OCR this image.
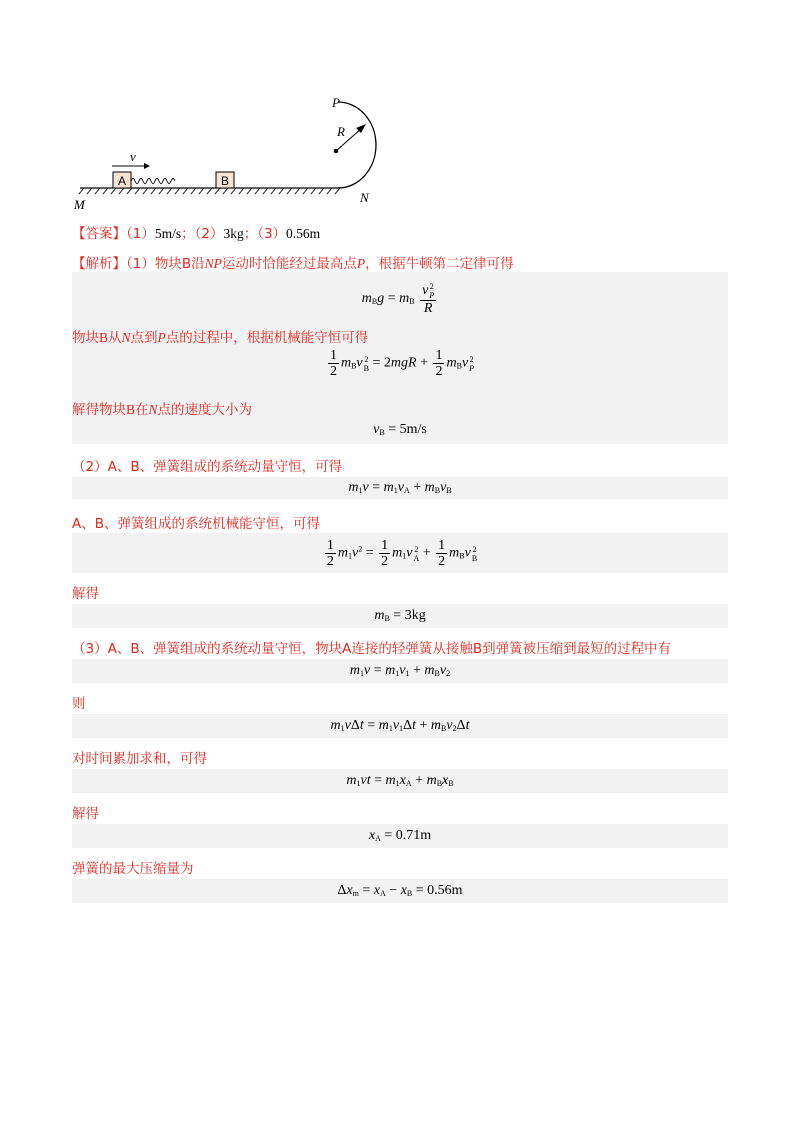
A
v
B
R
P
M	N
【答案】（1）5m/s；（2）3kg；（3）0.56m
【解析】（1）物块B沿NP运动时恰能经过最高点P，根据牛顿第二定律可得
$m_Bg = m_B$ v 2
P
R
物块B从N点到P点的过程中，根据机械能守恒可得
$\frac{1}{2} m_Bv$ 2
$B = 2mgR + \frac{1}{2} m_Bv$ 2
P
解得物块B在N点的速度大小为
$v_B = 5m/s$
（2）A、B、弹簧组成的系统动量守恒，可得
$m_1v = m_1v_A + m_Bv_B$
A、B、弹簧组成的系统机械能守恒，可得
$\frac{1}{2} m_1v^2 = \frac{1}{2} m_1v$ 2
$A + \frac{1}{2} m_Bv$ 2
B
解得
$m_B = 3kg$
（3）A、B、弹簧组成的系统动量守恒，物块A连接的轻弹簧从接触B到弹簧被压缩到最短的过程中有
$m_1v = m_1v_1 + m_Bv_2$
则
$m_1v\Delta t = m_1v_1\Delta t + m_Bv_2\Delta t$
对时间累加求和，可得
$m_1vt = m_1x_A + m_Bx_B$
解得
$x_A = 0.71m$
弹簧的最大压缩量为
$\Delta x_m = x_A - x_B = 0.56m$
